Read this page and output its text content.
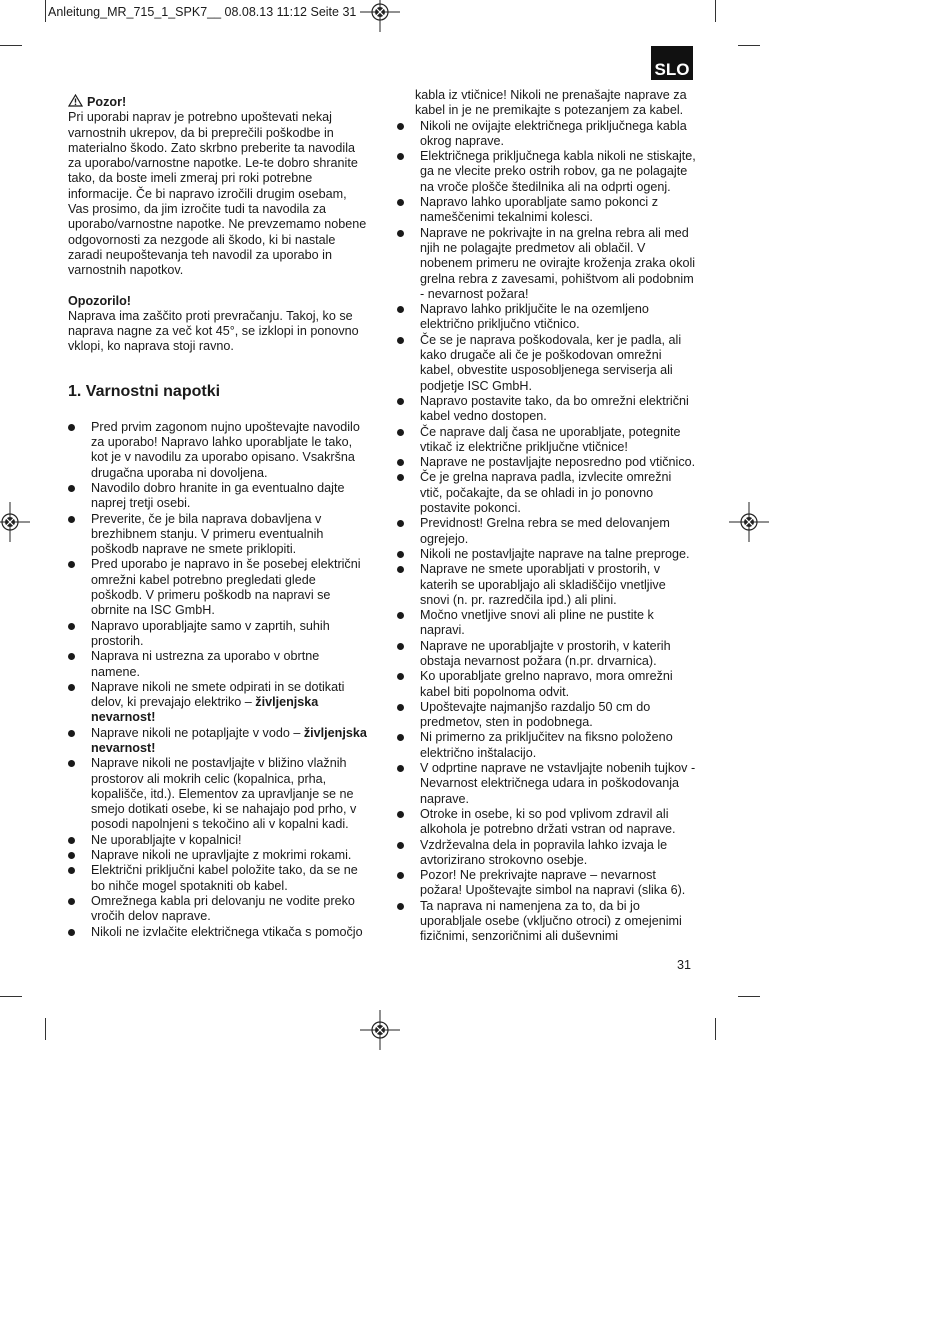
Anleitung_MR_715_1_SPK7__ 08.08.13 11:12 Seite 31
SLO

Pozor!
Pri uporabi naprav je potrebno upoštevati nekaj varnostnih ukrepov, da bi preprečili poškodbe in materialno škodo. Zato skrbno preberite ta navodila za uporabo/varnostne napotke. Le-te dobro shranite tako, da boste imeli zmeraj pri roki potrebne informacije. Če bi napravo izročili drugim osebam, Vas prosimo, da jim izročite tudi ta navodila za uporabo/varnostne napotke. Ne prevzemamo nobene odgovornosti za nezgode ali škodo, ki bi nastale zaradi neupoštevanja teh navodil za uporabo in varnostnih napotkov.

Opozorilo!
Naprava ima zaščito proti prevračanju. Takoj, ko se naprava nagne za več kot 45°, se izklopi in ponovno vklopi, ko naprava stoji ravno.

1. Varnostni napotki
Pred prvim zagonom nujno upoštevajte navodilo za uporabo! Napravo lahko uporabljate le tako, kot je v navodilu za uporabo opisano. Vsakršna drugačna uporaba ni dovoljena.
Navodilo dobro hranite in ga eventualno dajte naprej tretji osebi.
Preverite, če je bila naprava dobavljena v brezhibnem stanju. V primeru eventualnih poškodb naprave ne smete priklopiti.
Pred uporabo je napravo in še posebej električni omrežni kabel potrebno pregledati glede poškodb. V primeru poškodb na napravi se obrnite na ISC GmbH.
Napravo uporabljajte samo v zaprtih, suhih prostorih.
Naprava ni ustrezna za uporabo v obrtne namene.
Naprave nikoli ne smete odpirati in se dotikati delov, ki prevajajo elektriko – življenjska nevarnost!
Naprave nikoli ne potapljajte v vodo – življenjska nevarnost!
Naprave nikoli ne postavljajte v bližino vlažnih prostorov ali mokrih celic (kopalnica, prha, kopališče, itd.). Elementov za upravljanje se ne smejo dotikati osebe, ki se nahajajo pod prho, v posodi napolnjeni s tekočino ali v kopalni kadi.
Ne uporabljajte v kopalnici!
Naprave nikoli ne upravljajte z mokrimi rokami.
Električni priključni kabel položite tako, da se ne bo nihče mogel spotakniti ob kabel.
Omrežnega kabla pri delovanju ne vodite preko vročih delov naprave.
Nikoli ne izvlačite električnega vtikača s pomočjo
kabla iz vtičnice! Nikoli ne prenašajte naprave za kabel in je ne premikajte s potezanjem za kabel.
Nikoli ne ovijajte električnega priključnega kabla okrog naprave.
Električnega priključnega kabla nikoli ne stiskajte, ga ne vlecite preko ostrih robov, ga ne polagajte na vroče plošče štedilnika ali na odprti ogenj.
Napravo lahko uporabljate samo pokonci z nameščenimi tekalnimi kolesci.
Naprave ne pokrivajte in na grelna rebra ali med njih ne polagajte predmetov ali oblačil. V nobenem primeru ne ovirajte kroženja zraka okoli grelna rebra z zavesami, pohištvom ali podobnim - nevarnost požara!
Napravo lahko priključite le na ozemljeno električno priključno vtičnico.
Če se je naprava poškodovala, ker je padla, ali kako drugače ali če je poškodovan omrežni kabel, obvestite usposobljenega serviserja ali podjetje ISC GmbH.
Napravo postavite tako, da bo omrežni električni kabel vedno dostopen.
Če naprave dalj časa ne uporabljate, potegnite vtikač iz električne priključne vtičnice!
Naprave ne postavljajte neposredno pod vtičnico.
Če je grelna naprava padla, izvlecite omrežni vtič, počakajte, da se ohladi in jo ponovno postavite pokonci.
Previdnost! Grelna rebra se med delovanjem ogrejejo.
Nikoli ne postavljajte naprave na talne preproge.
Naprave ne smete uporabljati v prostorih, v katerih se uporabljajo ali skladiščijo vnetljive snovi (n. pr. razredčila ipd.) ali plini.
Močno vnetljive snovi ali pline ne pustite k napravi.
Naprave ne uporabljajte v prostorih, v katerih obstaja nevarnost požara (n.pr. drvarnica).
Ko uporabljate grelno napravo, mora omrežni kabel biti popolnoma odvit.
Upoštevajte najmanjšo razdaljo 50 cm do predmetov, sten in podobnega.
Ni primerno za priključitev na fiksno položeno električno inštalacijo.
V odprtine naprave ne vstavljajte nobenih tujkov - Nevarnost električnega udara in poškodovanja naprave.
Otroke in osebe, ki so pod vplivom zdravil ali alkohola je potrebno držati vstran od naprave.
Vzdrževalna dela in popravila lahko izvaja le avtorizirano strokovno osebje.
Pozor! Ne prekrivajte naprave – nevarnost požara! Upoštevajte simbol na napravi (slika 6).
Ta naprava ni namenjena za to, da bi jo uporabljale osebe (vključno otroci) z omejenimi fizičnimi, senzoričnimi ali duševnimi
31
